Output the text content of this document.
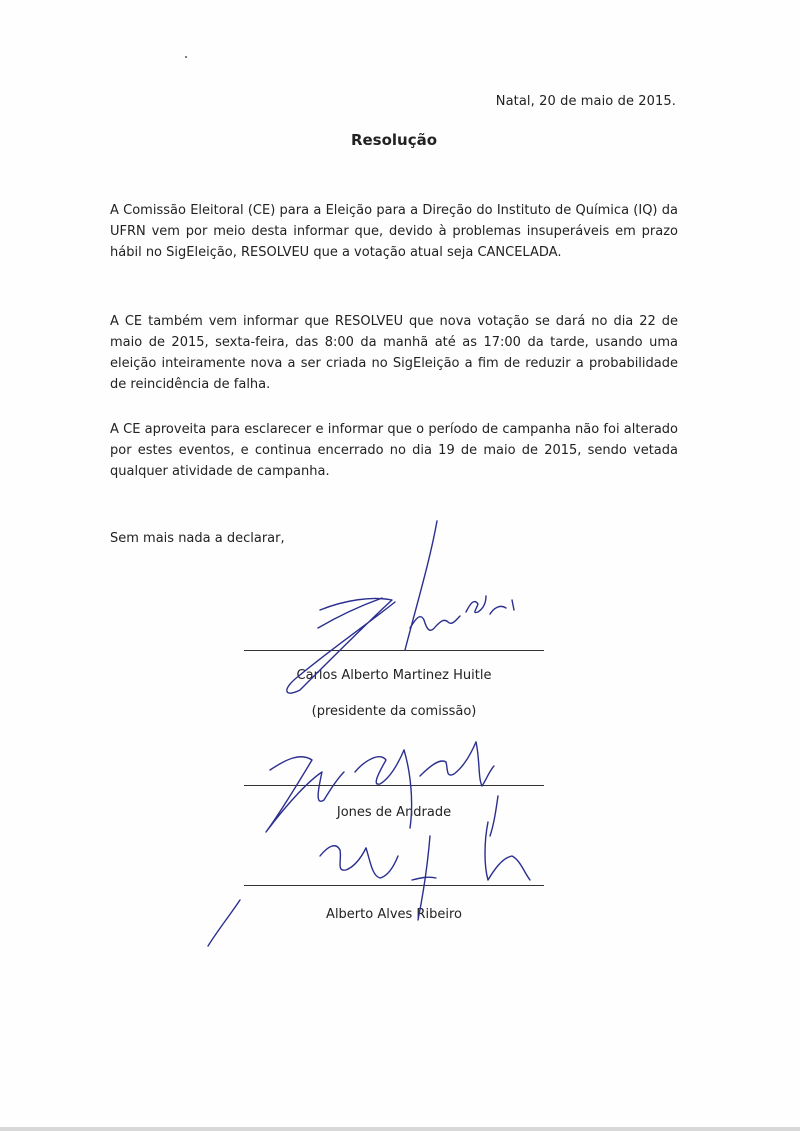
Natal, 20 de maio de 2015.
Resolução

A Comissão Eleitoral (CE) para a Eleição para a Direção do Instituto de Química (IQ) da UFRN vem por meio desta informar que, devido à problemas insuperáveis em prazo hábil no SigEleição, RESOLVEU que a votação atual seja CANCELADA.

A CE também vem informar que RESOLVEU que nova votação se dará no dia 22 de maio de 2015, sexta-feira, das 8:00 da manhã até as 17:00 da tarde, usando uma eleição inteiramente nova a ser criada no SigEleição a fim de reduzir a probabilidade de reincidência de falha.

A CE aproveita para esclarecer e informar que o período de campanha não foi alterado por estes eventos, e continua encerrado no dia 19 de maio de 2015, sendo vetada qualquer atividade de campanha.

Sem mais nada a declarar,
Carlos Alberto Martinez Huitle
(presidente da comissão)
Jones de Andrade
Alberto Alves Ribeiro
